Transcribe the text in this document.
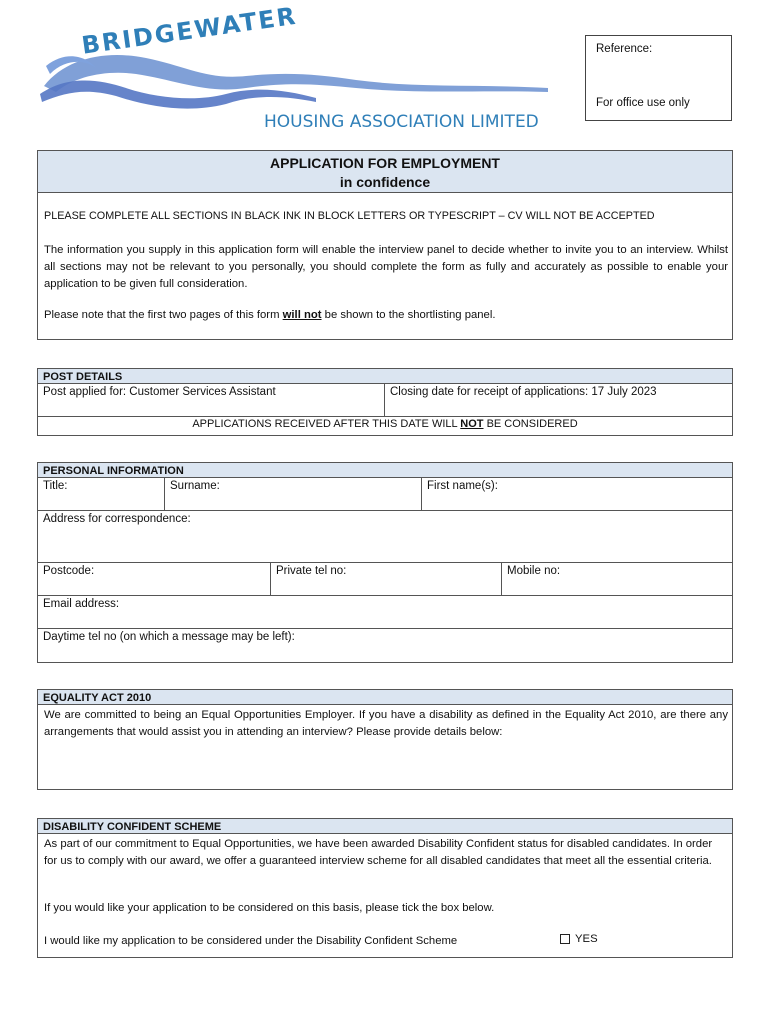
BRIDGEWATER
HOUSING ASSOCIATION LIMITED
Reference:
For office use only
APPLICATION FOR EMPLOYMENT
in confidence
PLEASE COMPLETE ALL SECTIONS IN BLACK INK IN BLOCK LETTERS OR TYPESCRIPT – CV WILL NOT BE ACCEPTED
The information you supply in this application form will enable the interview panel to decide whether to invite you to an interview. Whilst all sections may not be relevant to you personally, you should complete the form as fully and accurately as possible to enable your application to be given full consideration.
Please note that the first two pages of this form will not be shown to the shortlisting panel.
POST DETAILS
Post applied for: Customer Services Assistant	Closing date for receipt of applications: 17 July 2023
APPLICATIONS RECEIVED AFTER THIS DATE WILL NOT BE CONSIDERED
PERSONAL INFORMATION
Title:	Surname:	First name(s):
Address for correspondence:
Postcode:	Private tel no:	Mobile no:
Email address:
Daytime tel no (on which a message may be left):
EQUALITY ACT 2010
We are committed to being an Equal Opportunities Employer. If you have a disability as defined in the Equality Act 2010, are there any arrangements that would assist you in attending an interview? Please provide details below:
DISABILITY CONFIDENT SCHEME
As part of our commitment to Equal Opportunities, we have been awarded Disability Confident status for disabled candidates. In order for us to comply with our award, we offer a guaranteed interview scheme for all disabled candidates that meet all the essential criteria.
If you would like your application to be considered on this basis, please tick the box below.
I would like my application to be considered under the Disability Confident Scheme	YES
